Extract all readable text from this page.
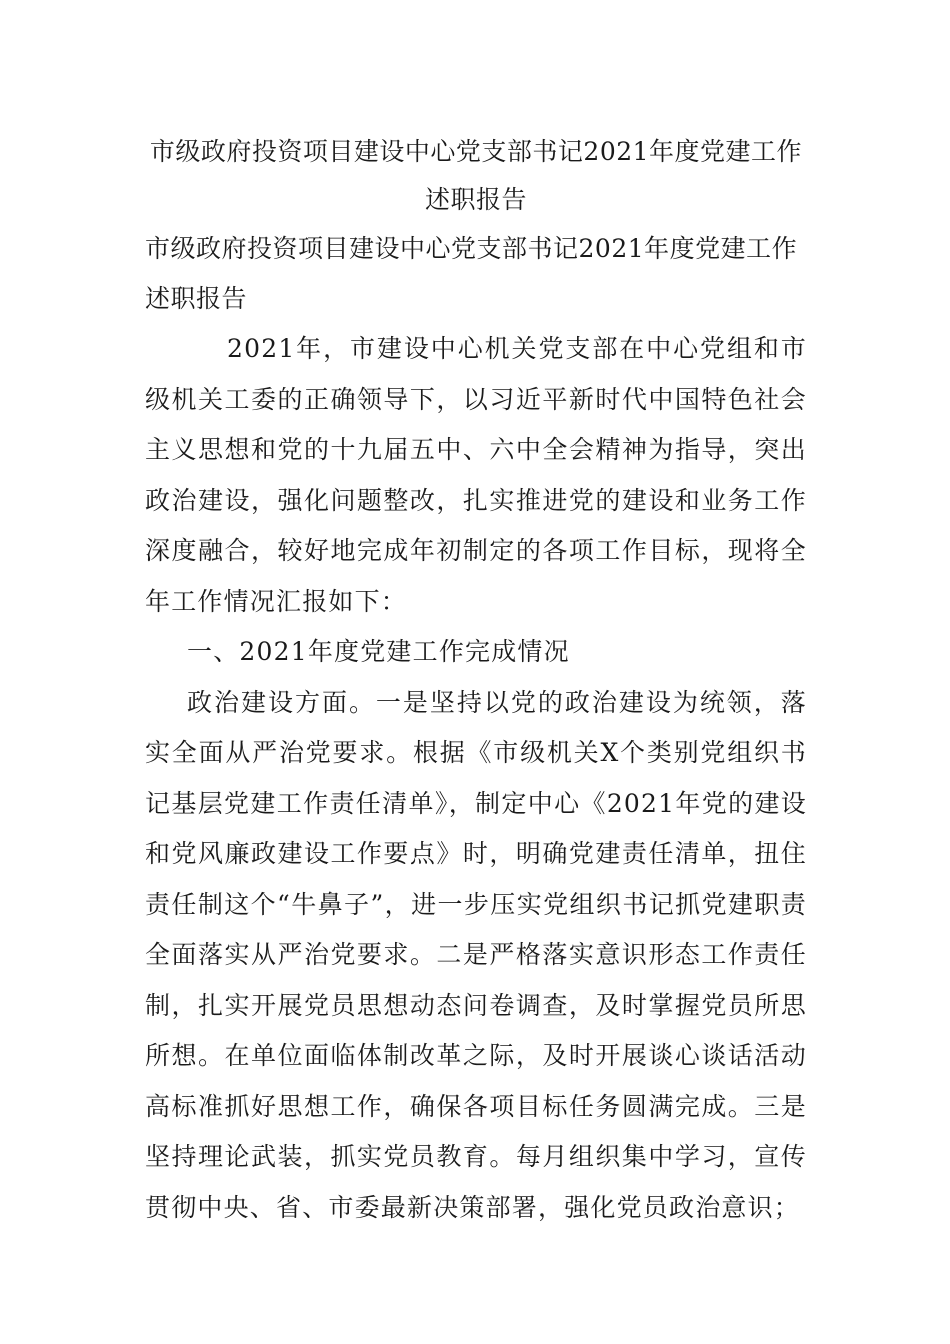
市级政府投资项目建设中心党支部书记2021年度党建工作

述职报告

市级政府投资项目建设中心党支部书记2021年度党建工作述职报告

2021年，市建设中心机关党支部在中心党组和市级机关工委的正确领导下，以习近平新时代中国特色社会主义思想和党的十九届五中、六中全会精神为指导，突出政治建设，强化问题整改，扎实推进党的建设和业务工作深度融合，较好地完成年初制定的各项工作目标，现将全年工作情况汇报如下：

一、2021年度党建工作完成情况

政治建设方面。一是坚持以党的政治建设为统领，落实全面从严治党要求。根据《市级机关X个类别党组织书记基层党建工作责任清单》，制定中心《2021年党的建设和党风廉政建设工作要点》时，明确党建责任清单，扭住责任制这个“牛鼻子”，进一步压实党组织书记抓党建职责全面落实从严治党要求。二是严格落实意识形态工作责任制，扎实开展党员思想动态问卷调查，及时掌握党员所思所想。在单位面临体制改革之际，及时开展谈心谈话活动高标准抓好思想工作，确保各项目标任务圆满完成。三是坚持理论武装，抓实党员教育。每月组织集中学习，宣传贯彻中央、省、市委最新决策部署，强化党员政治意识；
